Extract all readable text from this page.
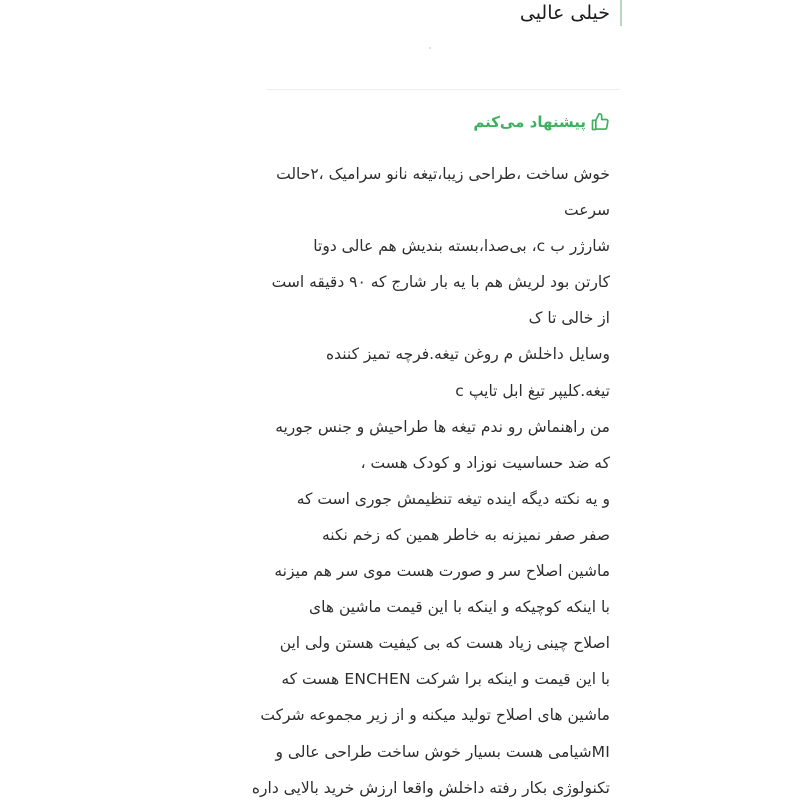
خیلی عالیی
پیشنهاد می‌کنم
خوش ساخت ،طراحی زیبا،تیغه نانو سرامیک ،۲حالت
سرعت
شارژر ب c، بی‌صدا،بسته بندیش هم عالی دوتا
کارتن بود لریش هم با یه بار شارج که ۹۰ دقیقه است
از خالی تا ک
وسایل داخلش م روغن تیغه.فرچه تمیز کننده
تیغه.کلیپر تیغ ابل تایپ c
من راهنماش رو ندم تیغه ها طراحیش و جنس جوریه
که ضد حساسیت نوزاد و کودک هست ،
و یه نکته دیگه اینده تیغه تنظیمش جوری است که
صفر صفر نمیزنه به خاطر همین که زخم نکنه
ماشین اصلاح سر و صورت هست موی سر هم میزنه
با اینکه کوچیکه و اینکه با این قیمت ماشین های
اصلاح چینی زیاد هست که بی کیفیت هستن ولی این
با این قیمت و اینکه برا شرکت ENCHEN هست که
ماشین های اصلاح تولید میکنه و از زیر مجموعه شرکت
MIشیامی هست بسیار خوش ساخت طراحی عالی و
تکنولوژی بکار رفته داخلش واقعا ارزش خرید بالایی داره
